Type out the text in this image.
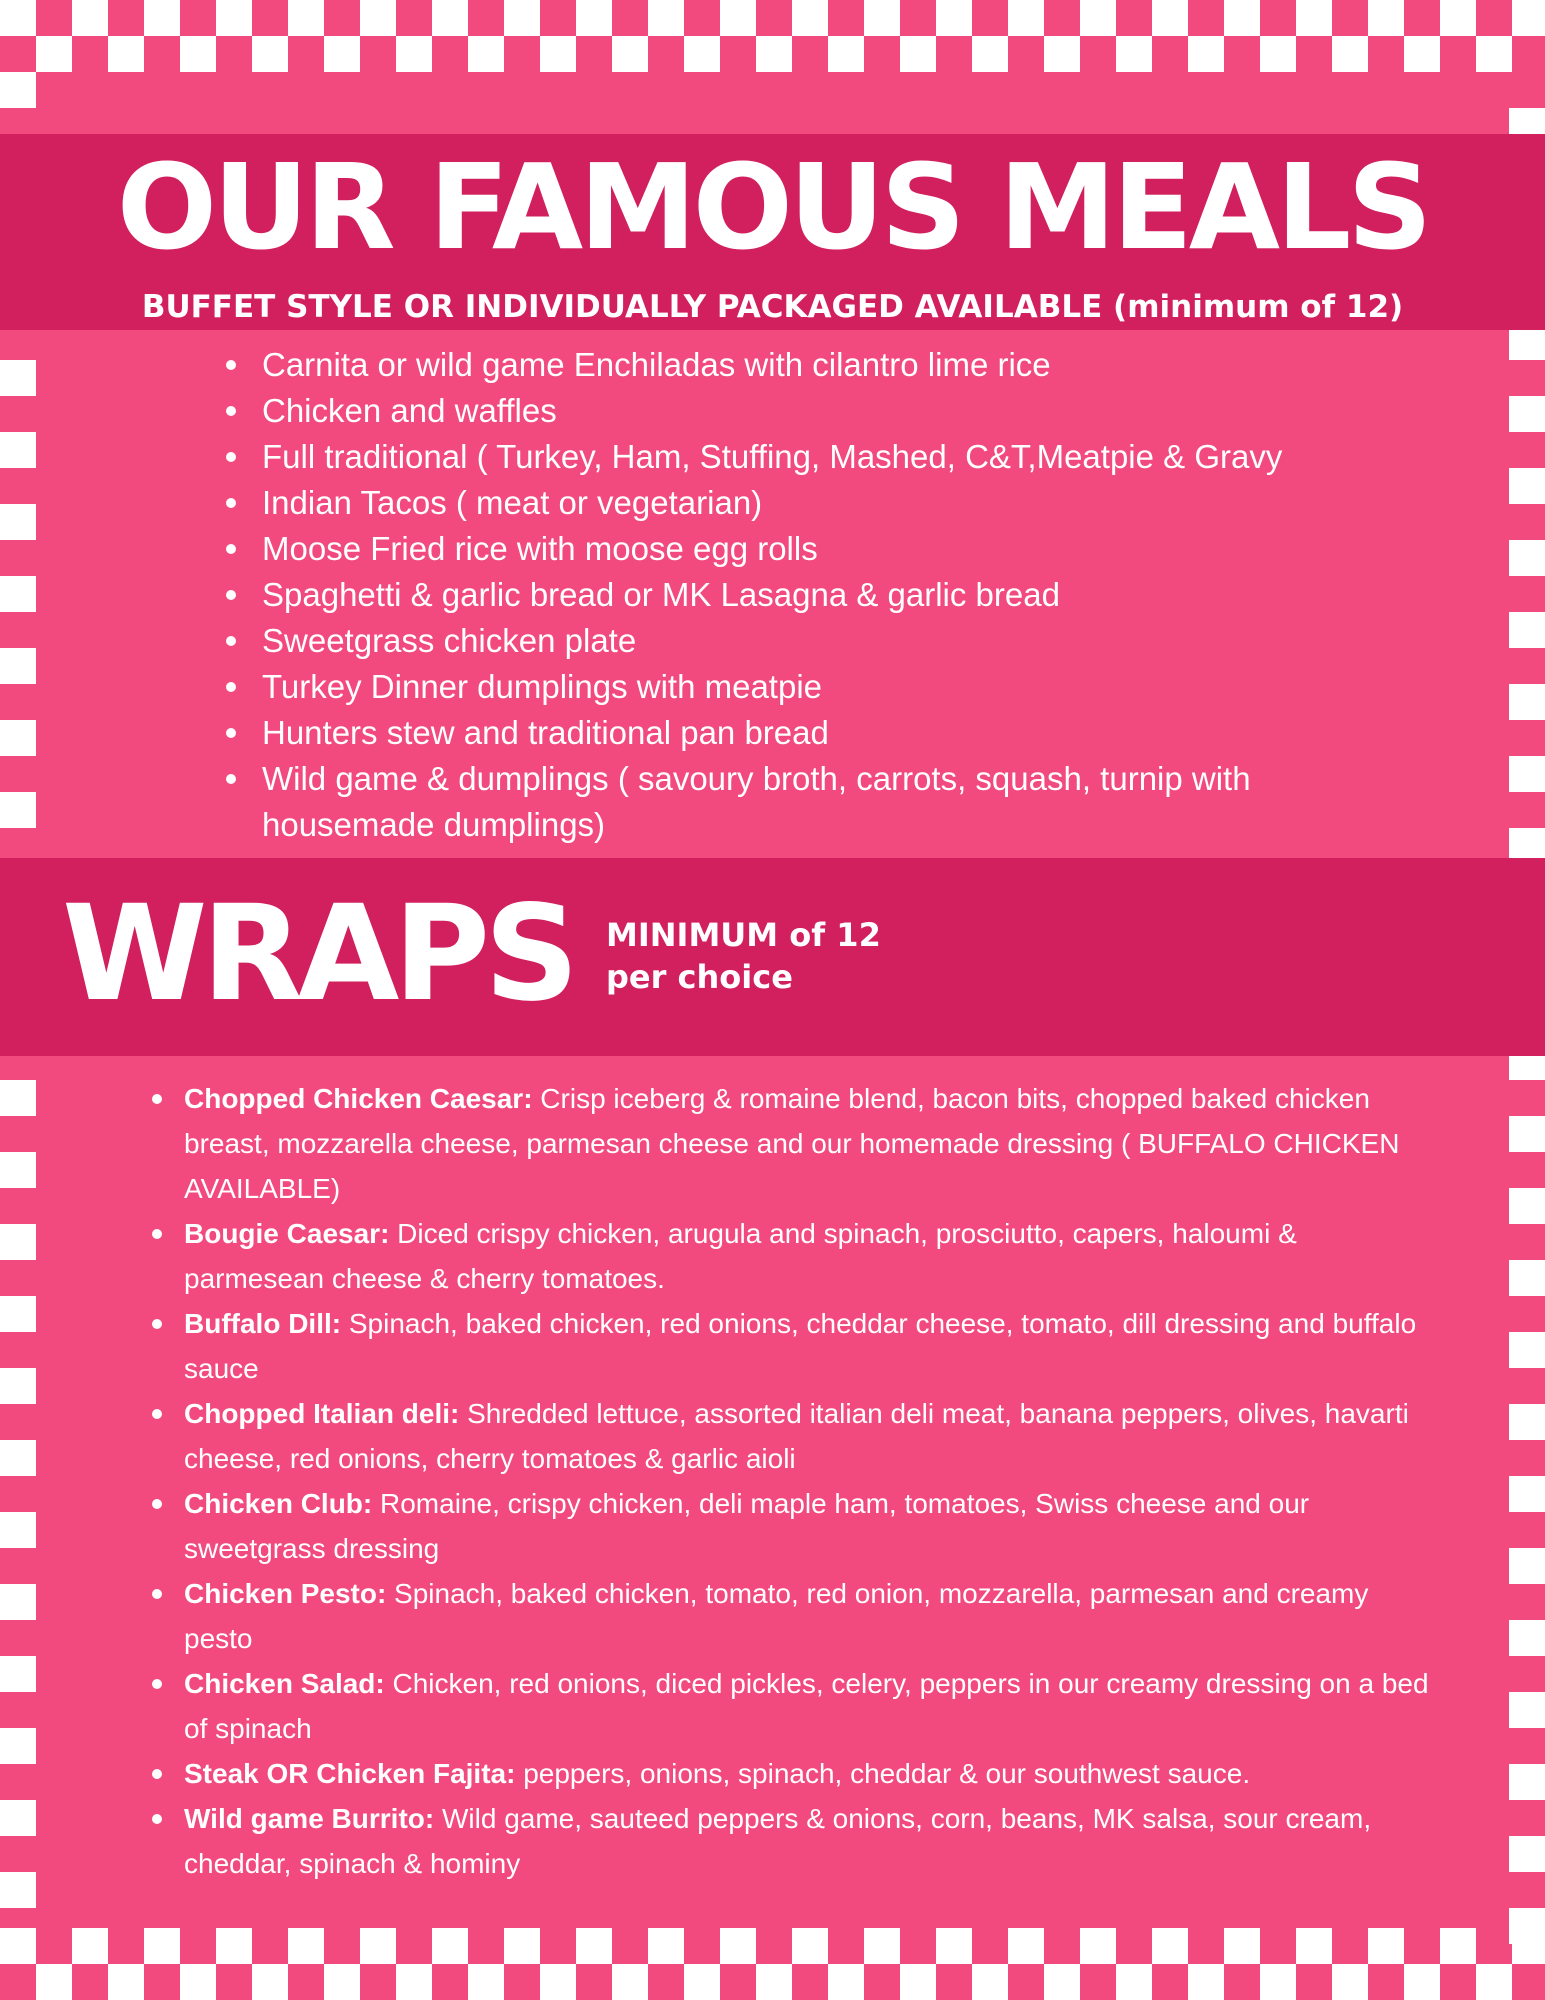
OUR FAMOUS MEALS

BUFFET STYLE OR INDIVIDUALLY PACKAGED AVAILABLE (minimum of 12)

Carnita or wild game Enchiladas with cilantro lime rice
Chicken and waffles
Full traditional ( Turkey, Ham, Stuffing, Mashed, C&T,Meatpie & Gravy
Indian Tacos ( meat or vegetarian)
Moose Fried rice with moose egg rolls
Spaghetti & garlic bread or MK Lasagna & garlic bread
Sweetgrass chicken plate
Turkey Dinner dumplings with meatpie
Hunters stew and traditional pan bread
Wild game & dumplings ( savoury broth, carrots, squash, turnip with housemade dumplings)
WRAPS MINIMUM of 12
per choice
Chopped Chicken Caesar: Crisp iceberg & romaine blend, bacon bits, chopped baked chicken breast, mozzarella cheese, parmesan cheese and our homemade dressing ( BUFFALO CHICKEN AVAILABLE)
Bougie Caesar: Diced crispy chicken, arugula and spinach, prosciutto, capers, haloumi & parmesean cheese & cherry tomatoes.
Buffalo Dill: Spinach, baked chicken, red onions, cheddar cheese, tomato, dill dressing and buffalo sauce
Chopped Italian deli: Shredded lettuce, assorted italian deli meat, banana peppers, olives, havarti cheese, red onions, cherry tomatoes & garlic aioli
Chicken Club: Romaine, crispy chicken, deli maple ham, tomatoes, Swiss cheese and our sweetgrass dressing
Chicken Pesto: Spinach, baked chicken, tomato, red onion, mozzarella, parmesan and creamy pesto
Chicken Salad: Chicken, red onions, diced pickles, celery, peppers in our creamy dressing on a bed of spinach
Steak OR Chicken Fajita: peppers, onions, spinach, cheddar & our southwest sauce.
Wild game Burrito: Wild game, sauteed peppers & onions, corn, beans, MK salsa, sour cream, cheddar, spinach & hominy
